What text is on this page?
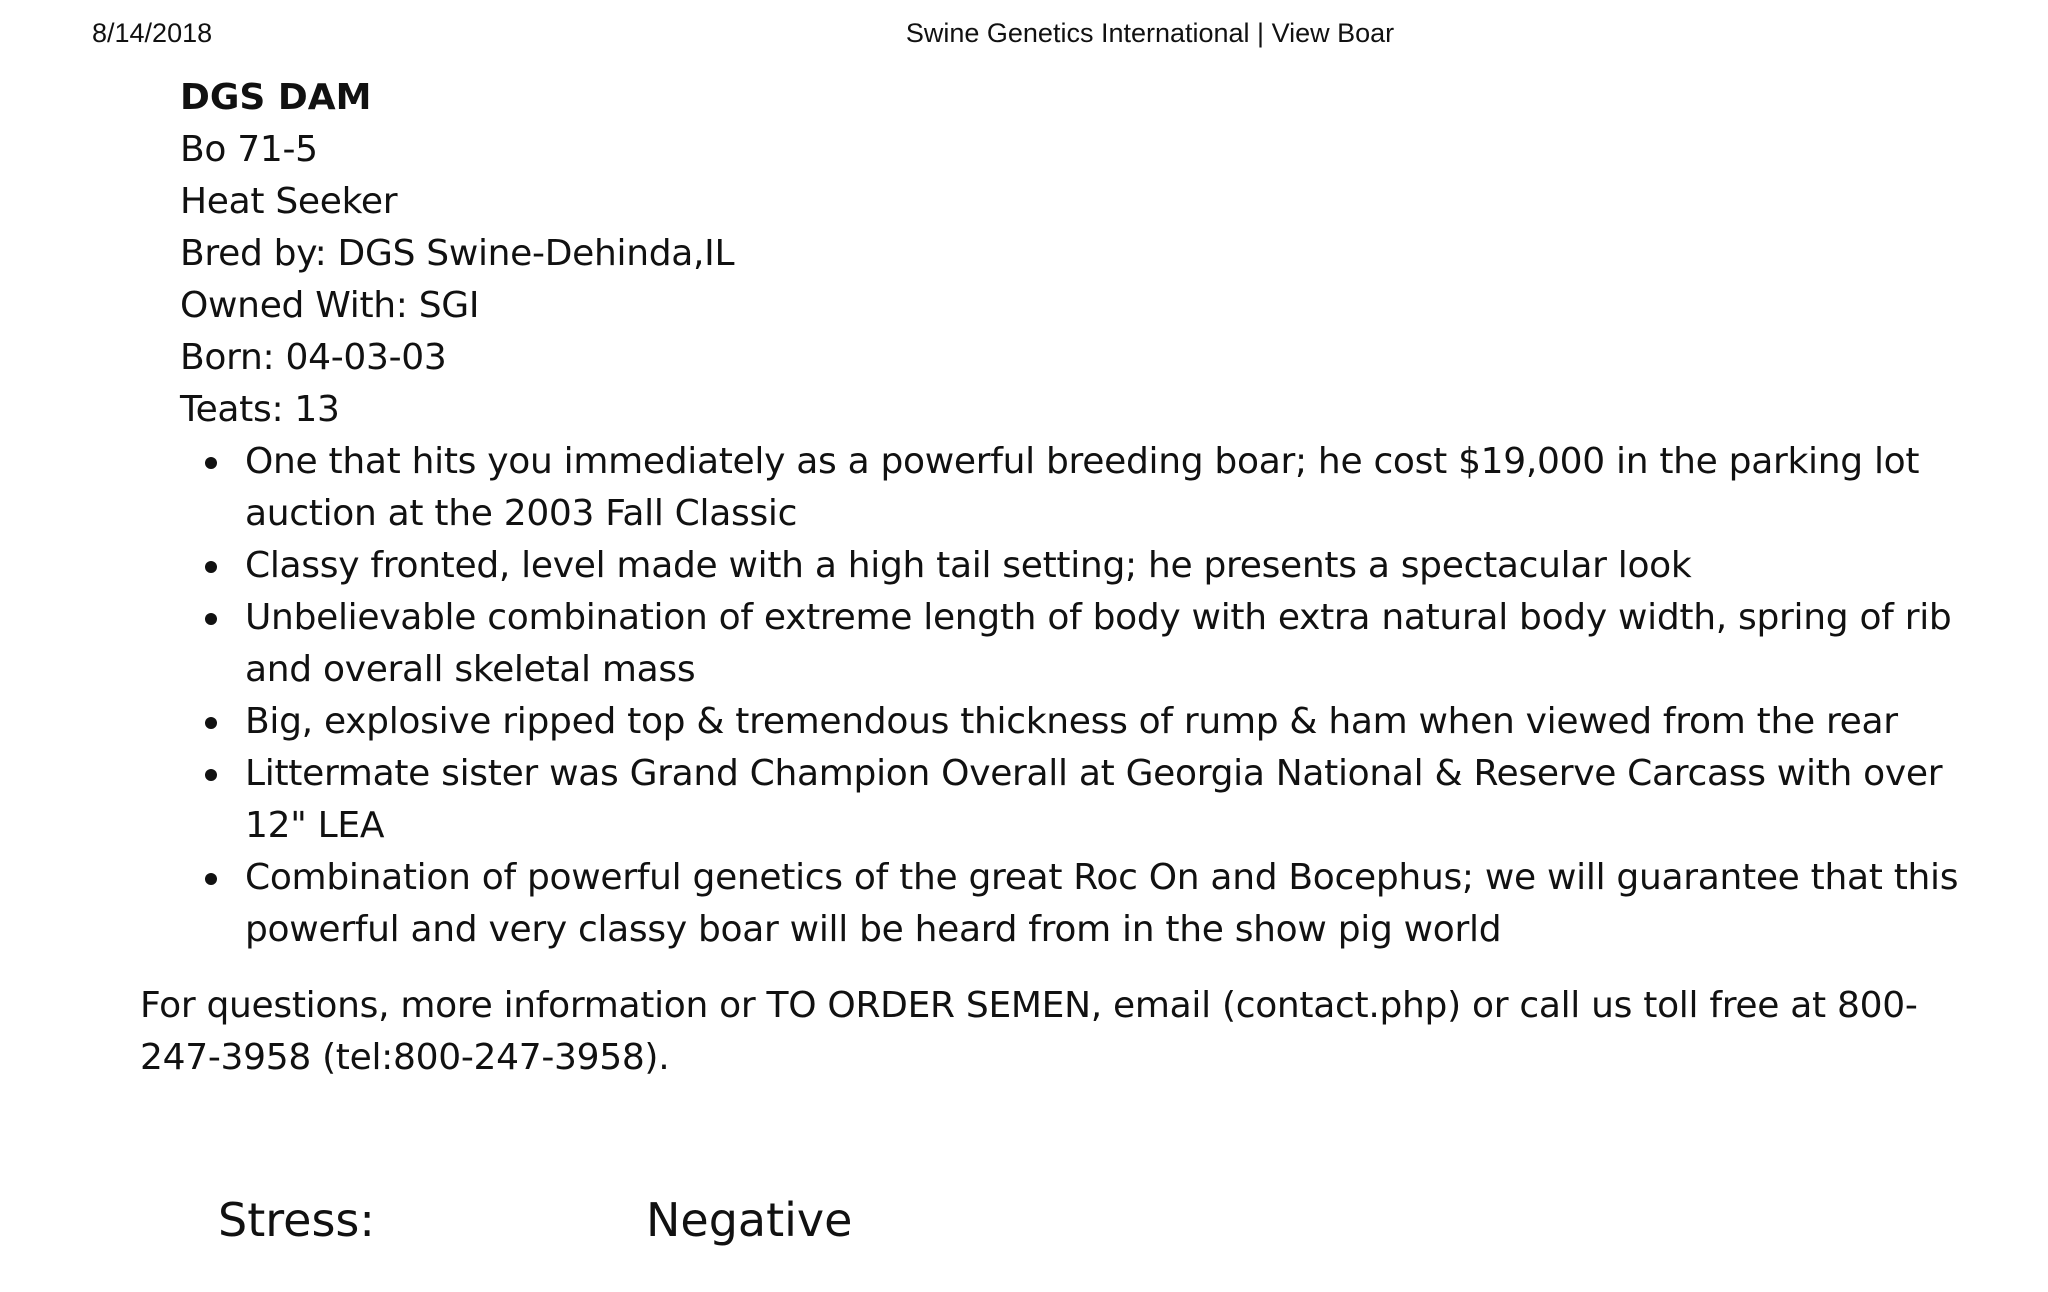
8/14/2018	Swine Genetics International | View Boar
DGS DAM
Bo 71-5
Heat Seeker
Bred by: DGS Swine-Dehinda,IL
Owned With: SGI
Born: 04-03-03
Teats: 13
One that hits you immediately as a powerful breeding boar; he cost $19,000 in the parking lot auction at the 2003 Fall Classic
Classy fronted, level made with a high tail setting; he presents a spectacular look
Unbelievable combination of extreme length of body with extra natural body width, spring of rib and overall skeletal mass
Big, explosive ripped top & tremendous thickness of rump & ham when viewed from the rear
Littermate sister was Grand Champion Overall at Georgia National & Reserve Carcass with over 12" LEA
Combination of powerful genetics of the great Roc On and Bocephus; we will guarantee that this powerful and very classy boar will be heard from in the show pig world
For questions, more information or TO ORDER SEMEN, email (contact.php) or call us toll free at 800-247-3958 (tel:800-247-3958).
Stress:	Negative
